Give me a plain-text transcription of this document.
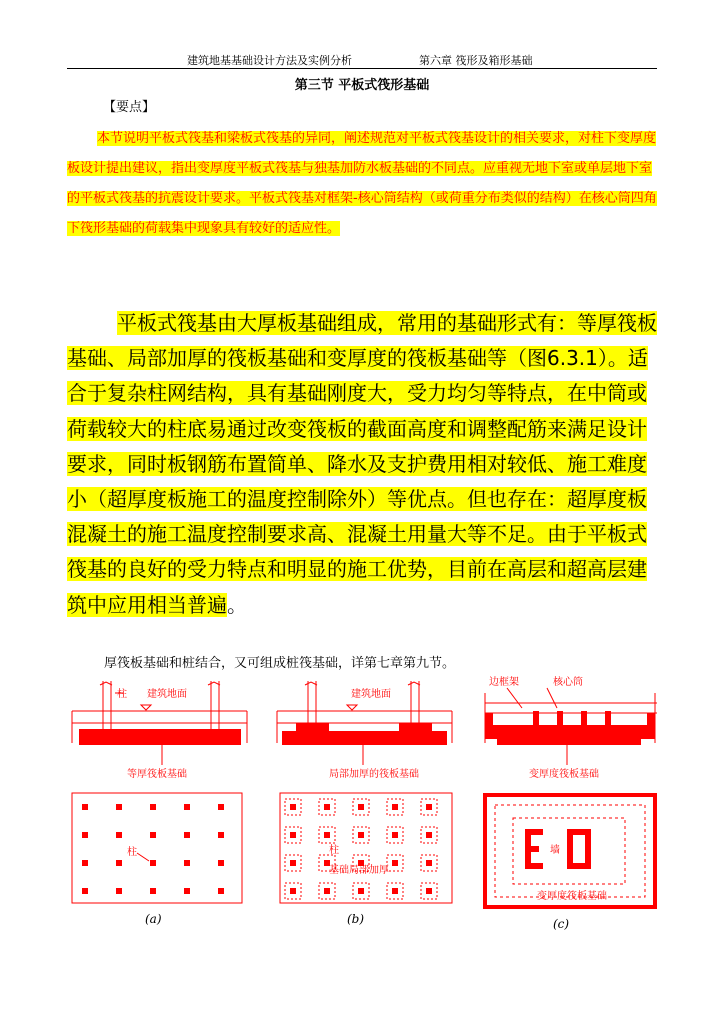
建筑地基基础设计方法及实例分析	第六章 筏形及箱形基础
第三节 平板式筏形基础
【要点】

本节说明平板式筏基和梁板式筏基的异同，阐述规范对平板式筏基设计的相关要求，对柱下变厚度板设计提出建议，指出变厚度平板式筏基与独基加防水板基础的不同点。应重视无地下室或单层地下室的平板式筏基的抗震设计要求。平板式筏基对框架-核心筒结构（或荷重分布类似的结构）在核心筒四角下筏形基础的荷载集中现象具有较好的适应性。

平板式筏基由大厚板基础组成，常用的基础形式有：等厚筏板基础、局部加厚的筏板基础和变厚度的筏板基础等（图6.3.1）。适合于复杂柱网结构，具有基础刚度大，受力均匀等特点，在中筒或荷载较大的柱底易通过改变筏板的截面高度和调整配筋来满足设计要求，同时板钢筋布置简单、降水及支护费用相对较低、施工难度小（超厚度板施工的温度控制除外）等优点。但也存在：超厚度板混凝土的施工温度控制要求高、混凝土用量大等不足。由于平板式筏基的良好的受力特点和明显的施工优势，目前在高层和超高层建筑中应用相当普遍。

厚筏板基础和桩结合，又可组成桩筏基础，详第七章第九节。
柱 建筑地面
等厚筏板基础
柱
(a)
建筑地面
局部加厚的筏板基础
柱
基础局部加厚
(b)
边框架	核心筒
变厚度筏板基础
墙
变厚度筏板基础
(c)
